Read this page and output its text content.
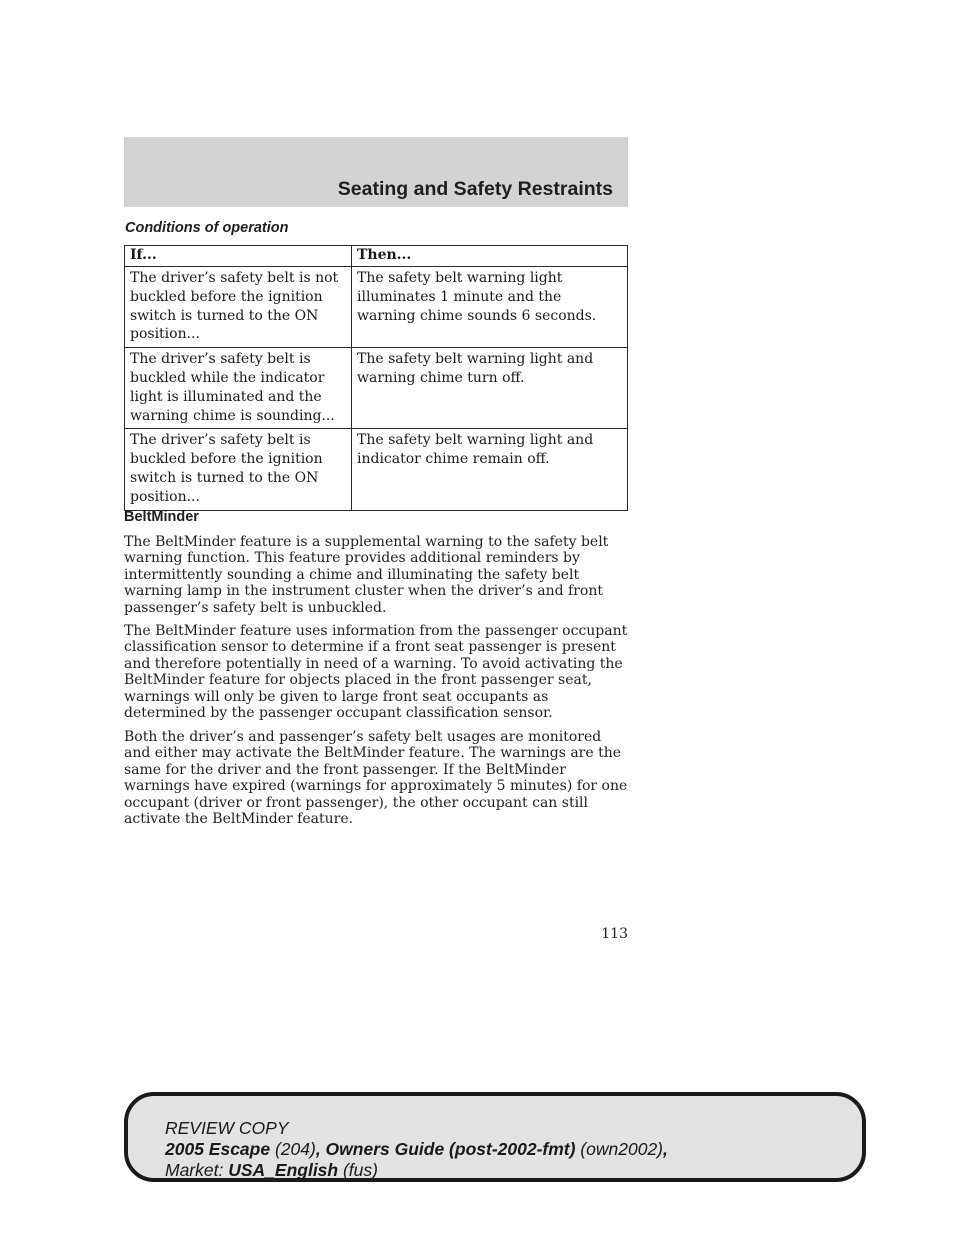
Seating and Safety Restraints
Conditions of operation
If...	Then...
The driver’s safety belt is not buckled before the ignition switch is turned to the ON position...	The safety belt warning light illuminates 1 minute and the warning chime sounds 6 seconds.
The driver’s safety belt is buckled while the indicator light is illuminated and the warning chime is sounding...	The safety belt warning light and warning chime turn off.
The driver’s safety belt is buckled before the ignition switch is turned to the ON position...	The safety belt warning light and indicator chime remain off.
BeltMinder

The BeltMinder feature is a supplemental warning to the safety belt warning function. This feature provides additional reminders by intermittently sounding a chime and illuminating the safety belt warning lamp in the instrument cluster when the driver’s and front passenger’s safety belt is unbuckled.

The BeltMinder feature uses information from the passenger occupant classification sensor to determine if a front seat passenger is present and therefore potentially in need of a warning. To avoid activating the BeltMinder feature for objects placed in the front passenger seat, warnings will only be given to large front seat occupants as determined by the passenger occupant classification sensor.

Both the driver’s and passenger’s safety belt usages are monitored and either may activate the BeltMinder feature. The warnings are the same for the driver and the front passenger. If the BeltMinder warnings have expired (warnings for approximately 5 minutes) for one occupant (driver or front passenger), the other occupant can still activate the BeltMinder feature.

113

REVIEW COPY
2005 Escape (204), Owners Guide (post-2002-fmt) (own2002),
Market: USA_English (fus)
